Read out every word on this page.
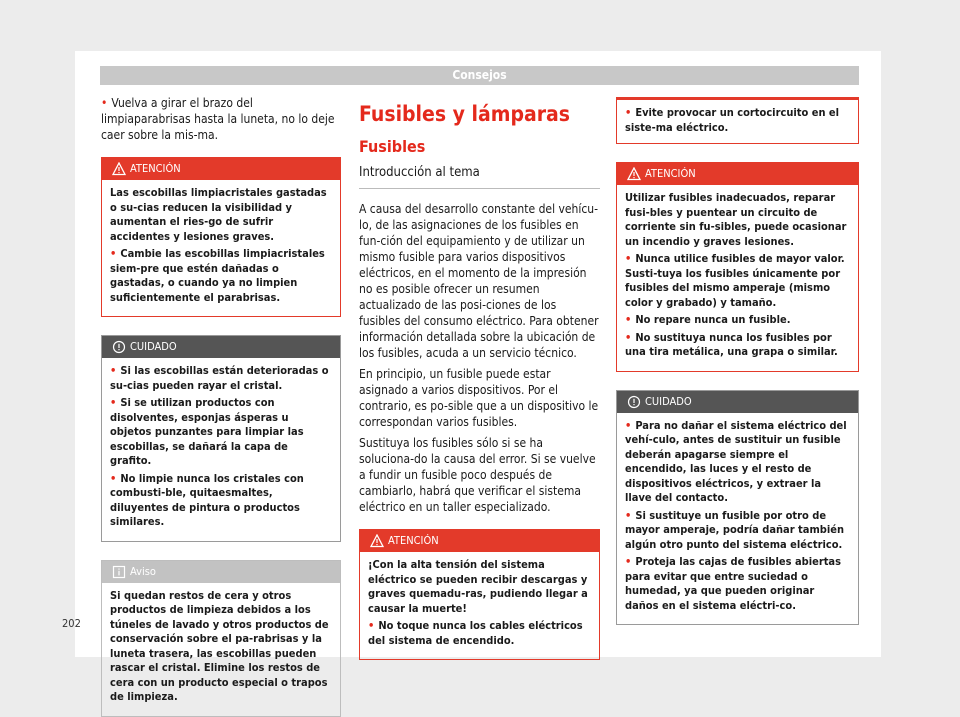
Consejos

• Vuelva a girar el brazo del limpiaparabrisas hasta la luneta, no lo deje caer sobre la mis-ma.

ATENCIÓN

Las escobillas limpiacristales gastadas o su-cias reducen la visibilidad y aumentan el ries-go de sufrir accidentes y lesiones graves.

• Cambie las escobillas limpiacristales siem-pre que estén dañadas o gastadas, o cuando ya no limpien suficientemente el parabrisas.

CUIDADO

• Si las escobillas están deterioradas o su-cias pueden rayar el cristal.

• Si se utilizan productos con disolventes, esponjas ásperas u objetos punzantes para limpiar las escobillas, se dañará la capa de grafito.

• No limpie nunca los cristales con combusti-ble, quitaesmaltes, diluyentes de pintura o productos similares.

Aviso

Si quedan restos de cera y otros productos de limpieza debidos a los túneles de lavado y otros productos de conservación sobre el pa-rabrisas y la luneta trasera, las escobillas pueden rascar el cristal. Elimine los restos de cera con un producto especial o trapos de limpieza.

Fusibles y lámparas
Fusibles
Introducción al tema

A causa del desarrollo constante del vehícu-lo, de las asignaciones de los fusibles en fun-ción del equipamiento y de utilizar un mismo fusible para varios dispositivos eléctricos, en el momento de la impresión no es posible ofrecer un resumen actualizado de las posi-ciones de los fusibles del consumo eléctrico. Para obtener información detallada sobre la ubicación de los fusibles, acuda a un servicio técnico.

En principio, un fusible puede estar asignado a varios dispositivos. Por el contrario, es po-sible que a un dispositivo le correspondan varios fusibles.

Sustituya los fusibles sólo si se ha soluciona-do la causa del error. Si se vuelve a fundir un fusible poco después de cambiarlo, habrá que verificar el sistema eléctrico en un taller especializado.

ATENCIÓN

¡Con la alta tensión del sistema eléctrico se pueden recibir descargas y graves quemadu-ras, pudiendo llegar a causar la muerte!

• No toque nunca los cables eléctricos del sistema de encendido.

• Evite provocar un cortocircuito en el siste-ma eléctrico.
ATENCIÓN

Utilizar fusibles inadecuados, reparar fusi-bles y puentear un circuito de corriente sin fu-sibles, puede ocasionar un incendio y graves lesiones.

• Nunca utilice fusibles de mayor valor. Susti-tuya los fusibles únicamente por fusibles del mismo amperaje (mismo color y grabado) y tamaño.

• No repare nunca un fusible.

• No sustituya nunca los fusibles por una tira metálica, una grapa o similar.

CUIDADO

• Para no dañar el sistema eléctrico del vehí-culo, antes de sustituir un fusible deberán apagarse siempre el encendido, las luces y el resto de dispositivos eléctricos, y extraer la llave del contacto.

• Si sustituye un fusible por otro de mayor amperaje, podría dañar también algún otro punto del sistema eléctrico.

• Proteja las cajas de fusibles abiertas para evitar que entre suciedad o humedad, ya que pueden originar daños en el sistema eléctri-co.

202
